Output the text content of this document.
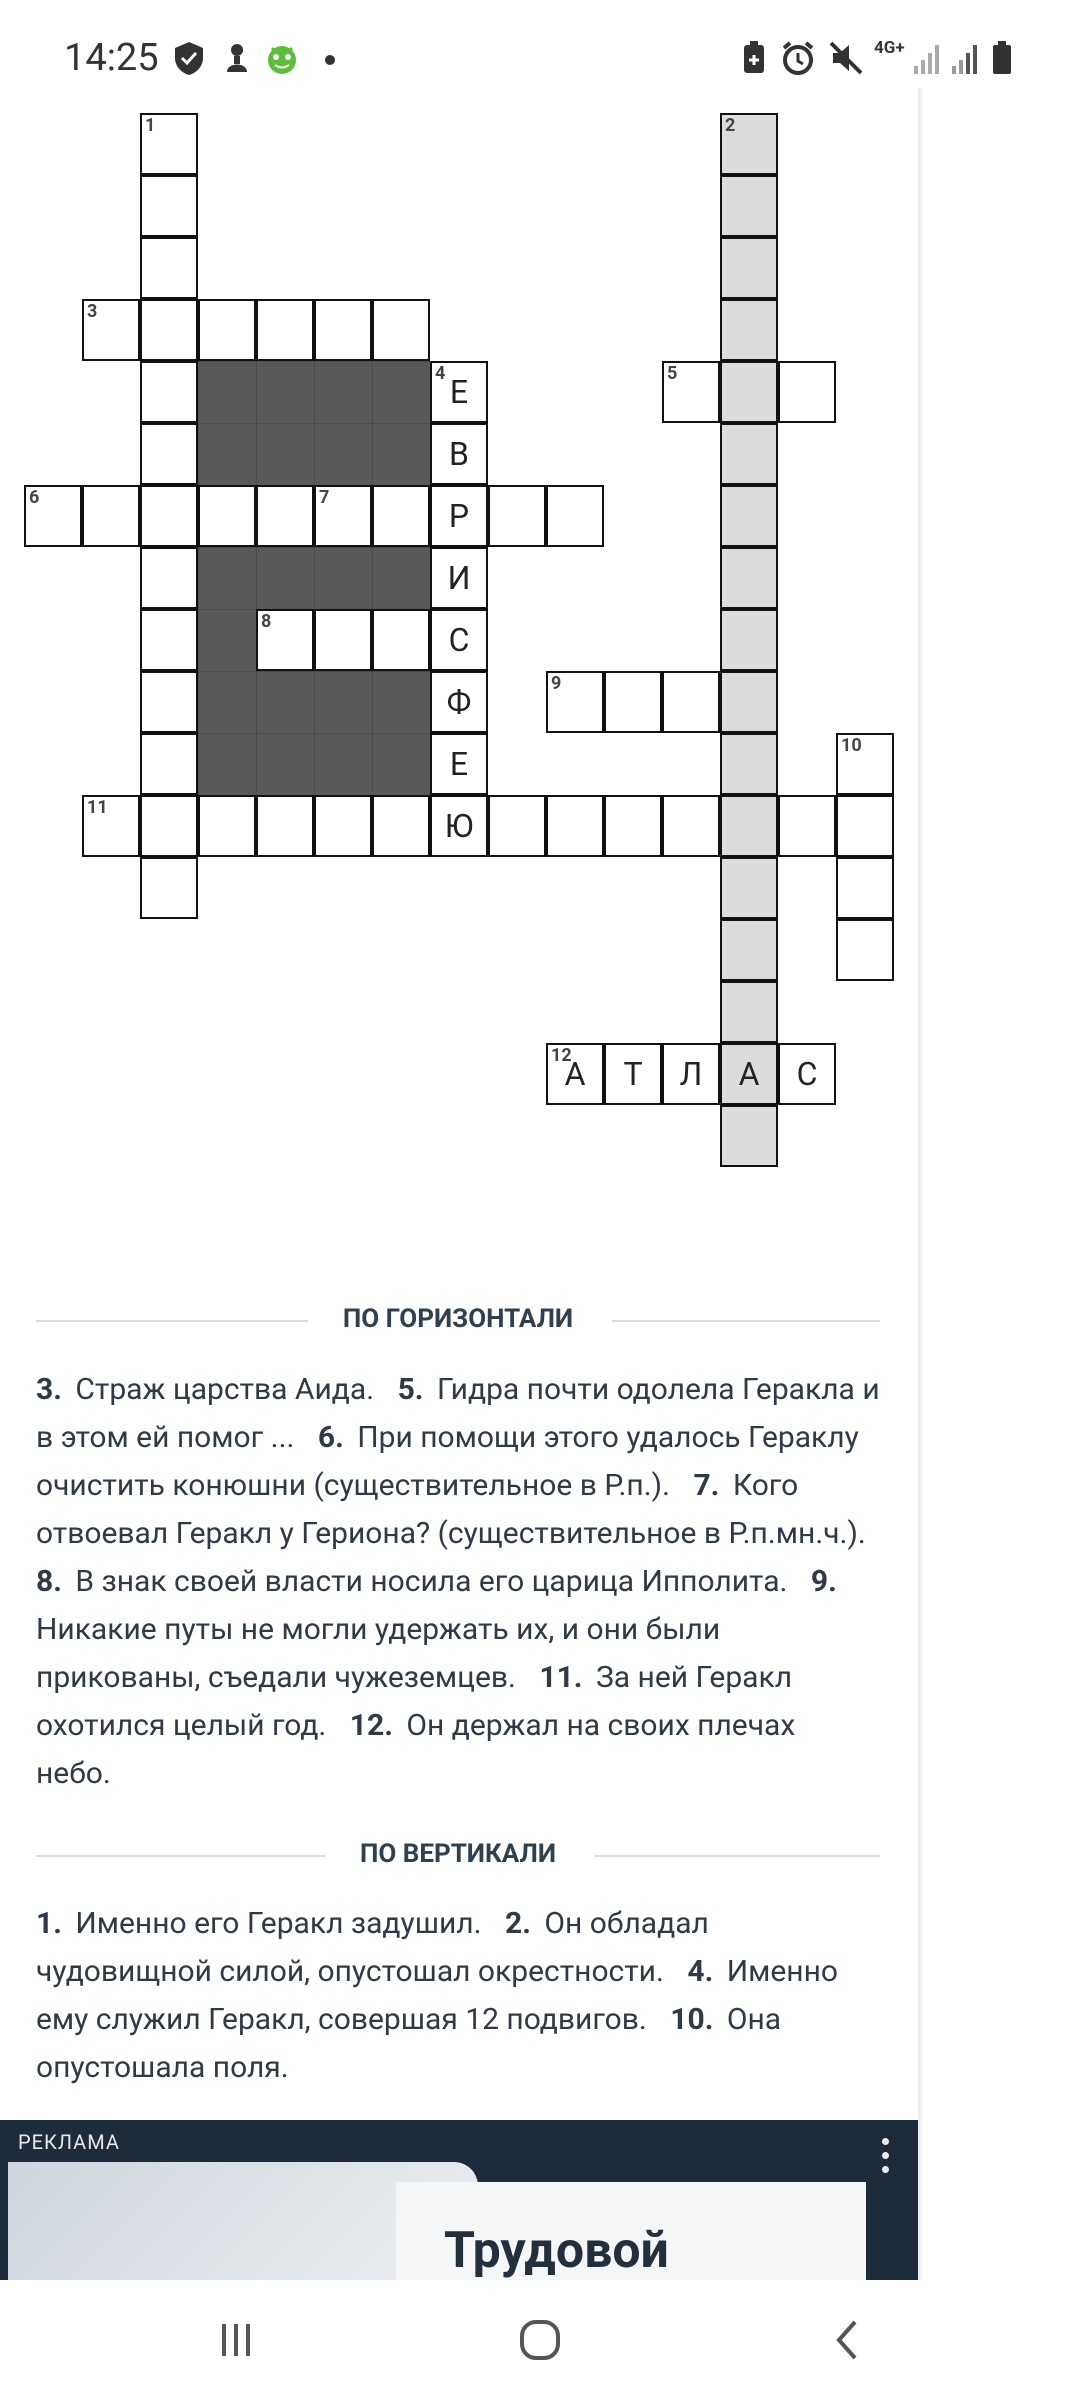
14:25	4G+
1
3
2
А
5
6	7	Р
8
9
10
11	Ю
4 Е
В
И
С
Ф
Е
12
А	Т	Л	С
ПО ГОРИЗОНТАЛИ
3. Страж царства Аида. 5. Гидра почти одолела Геракла и в этом ей помог ... 6. При помощи этого удалось Гераклу очистить конюшни (существительное в Р.п.). 7. Кого отвоевал Геракл у Гериона? (существительное в Р.п.мн.ч.). 8. В знак своей власти носила его царица Ипполита. 9. Никакие путы не могли удержать их, и они были прикованы, съедали чужеземцев. 11. За ней Геракл охотился целый год. 12. Он держал на своих плечах небо.
ПО ВЕРТИКАЛИ
1. Именно его Геракл задушил. 2. Он обладал чудовищной силой, опустошал окрестности. 4. Именно ему служил Геракл, совершая 12 подвигов. 10. Она опустошала поля.
РЕКЛАМА
Трудовой
